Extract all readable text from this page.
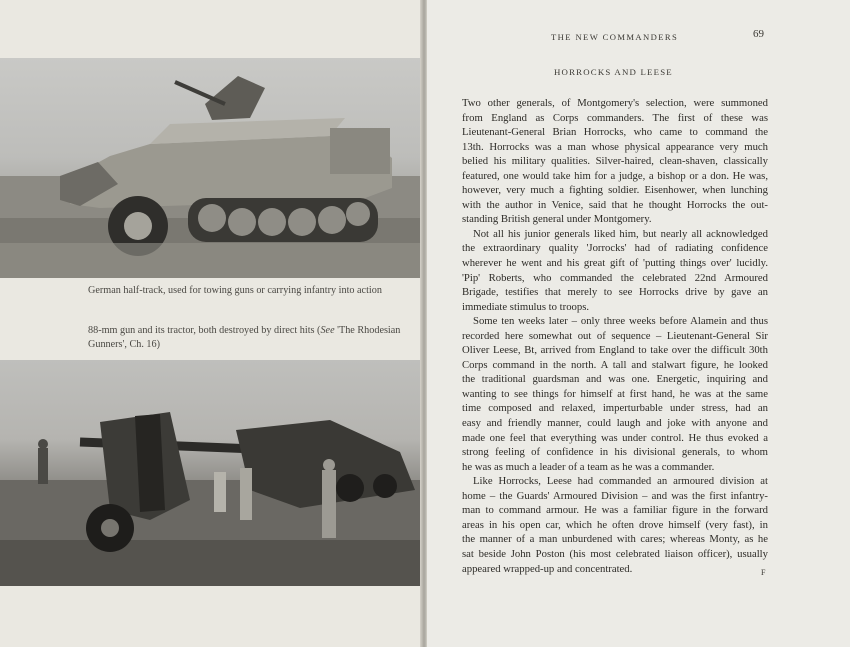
German half-track, used for towing guns or carrying infantry into action
88-mm gun and its tractor, both destroyed by direct hits (See 'The Rhodesian Gunners', Ch. 16)
THE NEW COMMANDERS	69
HORROCKS AND LEESE
Two other generals, of Montgomery's selection, were summoned
from England as Corps commanders. The first of these was
Lieutenant-General Brian Horrocks, who came to command the
13th. Horrocks was a man whose physical appearance very much
belied his military qualities. Silver-haired, clean-shaven, classically
featured, one would take him for a judge, a bishop or a don. He was,
however, very much a fighting soldier. Eisenhower, when lunching
with the author in Venice, said that he thought Horrocks the out-
standing British general under Montgomery.
Not all his junior generals liked him, but nearly all acknowledged
the extraordinary quality 'Jorrocks' had of radiating confidence
wherever he went and his great gift of 'putting things over' lucidly.
'Pip' Roberts, who commanded the celebrated 22nd Armoured
Brigade, testifies that merely to see Horrocks drive by gave an
immediate stimulus to troops.
Some ten weeks later – only three weeks before Alamein and thus
recorded here somewhat out of sequence – Lieutenant-General Sir
Oliver Leese, Bt, arrived from England to take over the difficult 30th
Corps command in the north. A tall and stalwart figure, he looked
the traditional guardsman and was one. Energetic, inquiring and
wanting to see things for himself at first hand, he was at the same
time composed and relaxed, imperturbable under stress, had an
easy and friendly manner, could laugh and joke with anyone and
made one feel that everything was under control. He thus evoked a
strong feeling of confidence in his divisional generals, to whom
he was as much a leader of a team as he was a commander.
Like Horrocks, Leese had commanded an armoured division at
home – the Guards' Armoured Division – and was the first infantry-
man to command armour. He was a familiar figure in the forward
areas in his open car, which he often drove himself (very fast), in
the manner of a man unburdened with cares; whereas Monty, as he
sat beside John Poston (his most celebrated liaison officer), usually
appeared wrapped-up and concentrated.	F
